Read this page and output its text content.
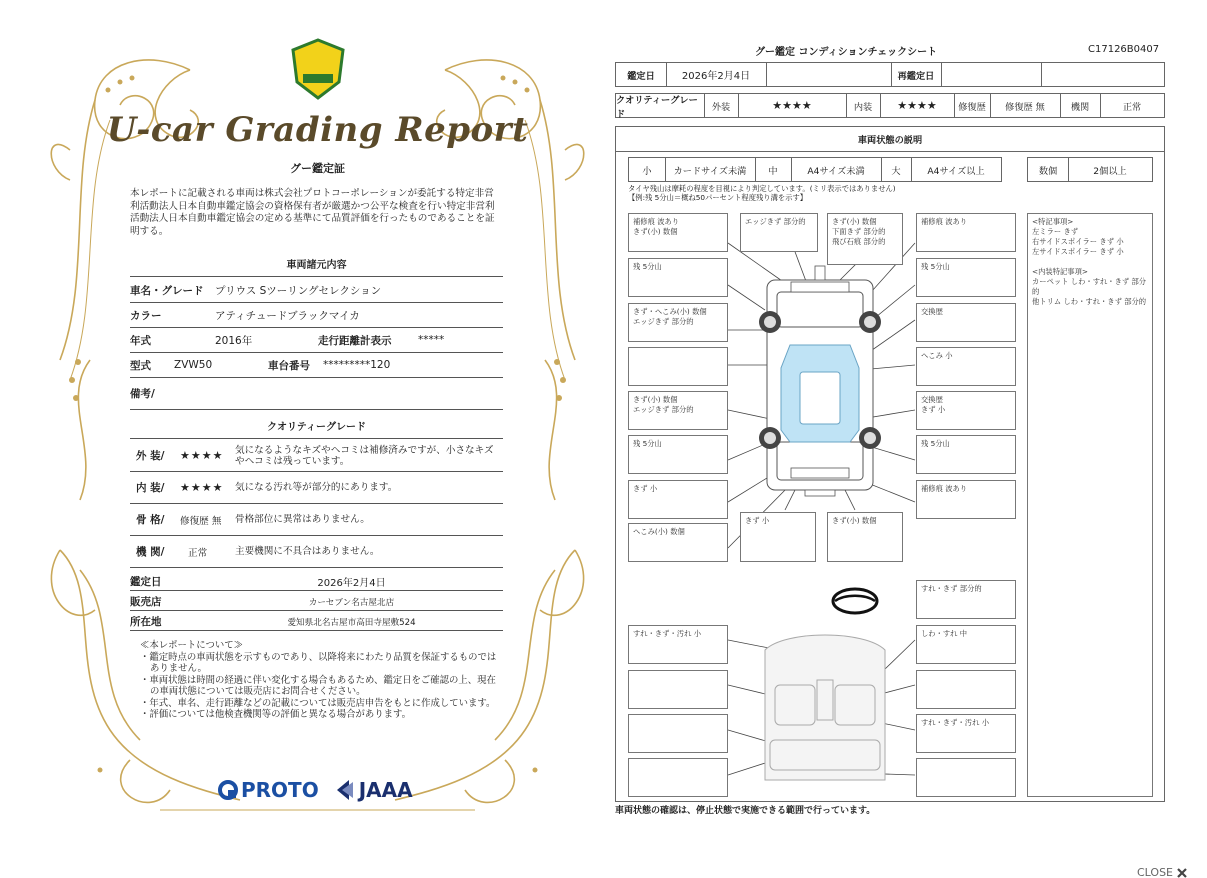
U-car Grading Report
グー鑑定証
本レポートに記載される車両は株式会社プロトコーポレーションが委託する特定非営利活動法人日本自動車鑑定協会の資格保有者が厳選かつ公平な検査を行い特定非営利活動法人日本自動車鑑定協会の定める基準にて品質評価を行ったものであることを証明する。
車両諸元内容
車名・グレード	プリウス Sツーリングセレクション
カラー	アティチュードブラックマイカ
年式	2016年	走行距離計表示	*****
型式	ZVW50	車台番号	*********120
備考/
クオリティーグレード
外 装/	★★★★	気になるようなキズやヘコミは補修済みですが、小さなキズやヘコミは残っています。
内 装/	★★★★	気になる汚れ等が部分的にあります。
骨 格/	修復歴 無	骨格部位に異常はありません。
機 関/	正常	主要機関に不具合はありません。
鑑定日	2026年2月4日
販売店	カーセブン名古屋北店
所在地	愛知県北名古屋市高田寺屋敷524
≪本レポートについて≫
・鑑定時点の車両状態を示すものであり、以降将来にわたり品質を保証するものではありません。
・車両状態は時間の経過に伴い変化する場合もあるため、鑑定日をご確認の上、現在の車両状態については販売店にお問合せください。
・年式、車名、走行距離などの記載については販売店申告をもとに作成しています。
・評価については他検査機関等の評価と異なる場合があります。
PROTO JAAA
グー鑑定 コンディションチェックシート	C17126B0407
鑑定日	2026年2月4日	再鑑定日
クオリティーグレード
外装	★★★★	内装	★★★★	修復歴	修復歴 無	機関	正常
車両状態の説明
小	カードサイズ未満	中	A4サイズ未満	大	A4サイズ以上	数個	2個以上
タイヤ残山は摩耗の程度を目視により判定しています。(ミリ表示ではありません)
【例:残 5分山＝概ね50パーセント程度残り溝を示す】
補修痕 波あり
きず(小) 数個
残 5分山
きず・へこみ(小) 数個
エッジきず 部分的
きず(小) 数個
エッジきず 部分的
残 5分山
きず 小
へこみ(小) 数個
エッジきず 部分的	きず(小) 数個
下面きず 部分的
飛び石痕 部分的
補修痕 波あり
残 5分山
交換歴
へこみ 小
交換歴
きず 小
残 5分山
補修痕 波あり
きず 小	きず(小) 数個
<特記事項>
左ミラー きず
右サイドスポイラー きず 小
左サイドスポイラー きず 小

<内装特記事項>
カーペット しわ・すれ・きず 部分的
他トリム しわ・すれ・きず 部分的
すれ・きず 部分的
すれ・きず・汚れ 小	しわ・すれ 中
すれ・きず・汚れ 小
車両状態の確認は、停止状態で実施できる範囲で行っています。
CLOSE
